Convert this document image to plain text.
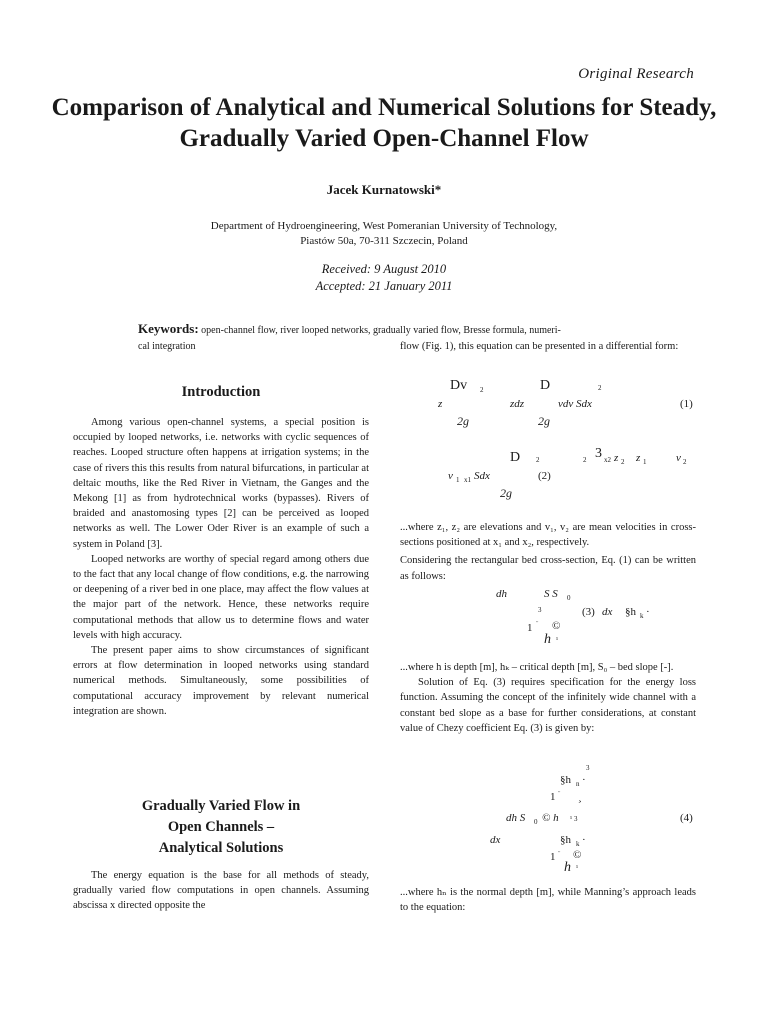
Original Research
Comparison of Analytical and Numerical Solutions for Steady, Gradually Varied Open-Channel Flow
Jacek Kurnatowski*
Department of Hydroengineering, West Pomeranian University of Technology,
Piastów 50a, 70-311 Szczecin, Poland
Received: 9 August 2010
Accepted: 21 January 2011
Keywords: open-channel flow, river looped networks, gradually varied flow, Bresse formula, numeri-
cal integration
Introduction

Among various open-channel systems, a special position is occupied by looped networks, i.e. networks with cyclic sequences of reaches. Looped structure often happens at irrigation systems; in the case of rivers this this results from natural bifurcations, in particular at deltaic mouths, like the Red River in Vietnam, the Ganges and the Mekong [1] as from hydrotechnical works (bypasses). Rivers of braided and anastomosing types [2] can be perceived as looped networks as well. The Lower Oder River is an example of such a system in Poland [3].

Looped networks are worthy of special regard among others due to the fact that any local change of flow conditions, e.g. the narrowing or deepening of a river bed in one place, may affect the flow values at the major part of the network. Hence, these networks require computational methods that allow us to determine flows and water levels with high accuracy.

The present paper aims to show circumstances of significant errors at flow determination in looped networks using standard numerical methods. Simultaneously, some possibilities of computational accuracy improvement by relevant numerical integration are shown.

Gradually Varied Flow in
Open Channels –
Analytical Solutions

The energy equation is the base for all methods of steady, gradually varied flow computations in open channels. Assuming abscissa x directed opposite the

flow (Fig. 1), this equation can be presented in a differential form:

Dv 2	D	2
z	zdz	vdv Sdx
2g	2g
(1)
D 2	2 3 x2 z 2 z 1	v 2
v 1 x1 Sdx	(2)
2g

...where z₁, z₂ are elevations and v₁, v₂ are mean velocities in cross-sections positioned at x₁ and x₂, respectively.

Considering the rectangular bed cross-section, Eq. (1) can be written as follows:

dh	S S 0
3	(3) dx §h k ·
1 ¨ ©
h ¹

...where h is depth [m], hₖ – critical depth [m], S₀ – bed slope [-].

Solution of Eq. (3) requires specification for the energy loss function. Assuming the concept of the infinitely wide channel with a constant bed slope as a base for further considerations, at constant value of Chezy coefficient Eq. (3) is given by:

3
§h n ·
1 ¨ ¸
dh S 0 © h ¹ 3	(4)
dx	§h k ·
1 ¨ ©
h ¹

...where hₙ is the normal depth [m], while Manning’s approach leads to the equation:
